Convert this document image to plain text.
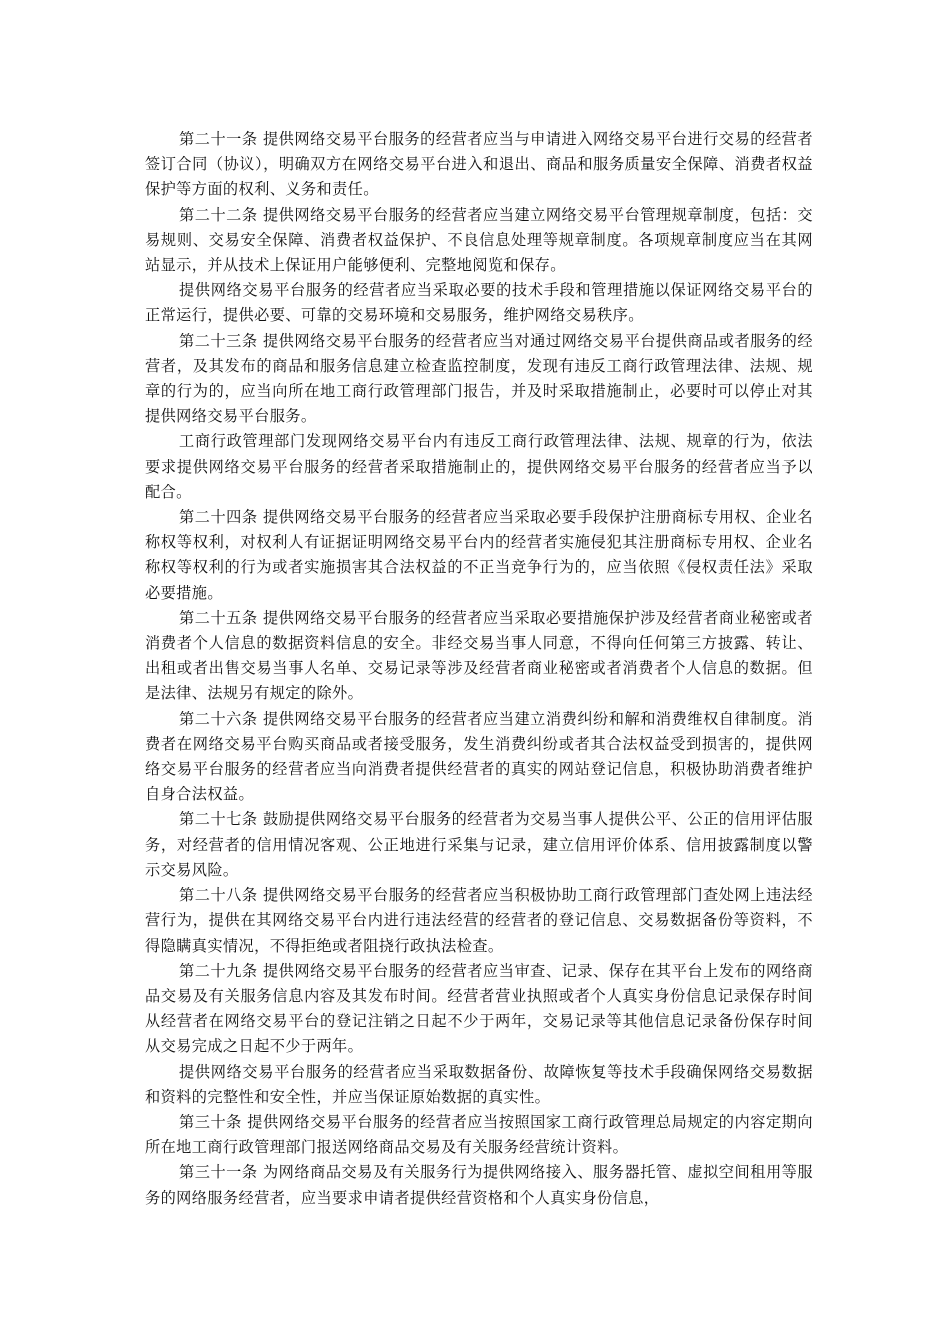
第二十一条 提供网络交易平台服务的经营者应当与申请进入网络交易平台进行交易的经营者签订合同（协议），明确双方在网络交易平台进入和退出、商品和服务质量安全保障、消费者权益保护等方面的权利、义务和责任。

第二十二条 提供网络交易平台服务的经营者应当建立网络交易平台管理规章制度，包括：交易规则、交易安全保障、消费者权益保护、不良信息处理等规章制度。各项规章制度应当在其网站显示，并从技术上保证用户能够便利、完整地阅览和保存。

提供网络交易平台服务的经营者应当采取必要的技术手段和管理措施以保证网络交易平台的正常运行，提供必要、可靠的交易环境和交易服务，维护网络交易秩序。

第二十三条 提供网络交易平台服务的经营者应当对通过网络交易平台提供商品或者服务的经营者，及其发布的商品和服务信息建立检查监控制度，发现有违反工商行政管理法律、法规、规章的行为的，应当向所在地工商行政管理部门报告，并及时采取措施制止，必要时可以停止对其提供网络交易平台服务。

工商行政管理部门发现网络交易平台内有违反工商行政管理法律、法规、规章的行为，依法要求提供网络交易平台服务的经营者采取措施制止的，提供网络交易平台服务的经营者应当予以配合。

第二十四条 提供网络交易平台服务的经营者应当采取必要手段保护注册商标专用权、企业名称权等权利，对权利人有证据证明网络交易平台内的经营者实施侵犯其注册商标专用权、企业名称权等权利的行为或者实施损害其合法权益的不正当竞争行为的，应当依照《侵权责任法》采取必要措施。

第二十五条 提供网络交易平台服务的经营者应当采取必要措施保护涉及经营者商业秘密或者消费者个人信息的数据资料信息的安全。非经交易当事人同意，不得向任何第三方披露、转让、出租或者出售交易当事人名单、交易记录等涉及经营者商业秘密或者消费者个人信息的数据。但是法律、法规另有规定的除外。

第二十六条 提供网络交易平台服务的经营者应当建立消费纠纷和解和消费维权自律制度。消费者在网络交易平台购买商品或者接受服务，发生消费纠纷或者其合法权益受到损害的，提供网络交易平台服务的经营者应当向消费者提供经营者的真实的网站登记信息，积极协助消费者维护自身合法权益。

第二十七条 鼓励提供网络交易平台服务的经营者为交易当事人提供公平、公正的信用评估服务，对经营者的信用情况客观、公正地进行采集与记录，建立信用评价体系、信用披露制度以警示交易风险。

第二十八条 提供网络交易平台服务的经营者应当积极协助工商行政管理部门查处网上违法经营行为，提供在其网络交易平台内进行违法经营的经营者的登记信息、交易数据备份等资料，不得隐瞒真实情况，不得拒绝或者阻挠行政执法检查。

第二十九条 提供网络交易平台服务的经营者应当审查、记录、保存在其平台上发布的网络商品交易及有关服务信息内容及其发布时间。经营者营业执照或者个人真实身份信息记录保存时间从经营者在网络交易平台的登记注销之日起不少于两年，交易记录等其他信息记录备份保存时间从交易完成之日起不少于两年。

提供网络交易平台服务的经营者应当采取数据备份、故障恢复等技术手段确保网络交易数据和资料的完整性和安全性，并应当保证原始数据的真实性。

第三十条 提供网络交易平台服务的经营者应当按照国家工商行政管理总局规定的内容定期向所在地工商行政管理部门报送网络商品交易及有关服务经营统计资料。

第三十一条 为网络商品交易及有关服务行为提供网络接入、服务器托管、虚拟空间租用等服务的网络服务经营者，应当要求申请者提供经营资格和个人真实身份信息，
